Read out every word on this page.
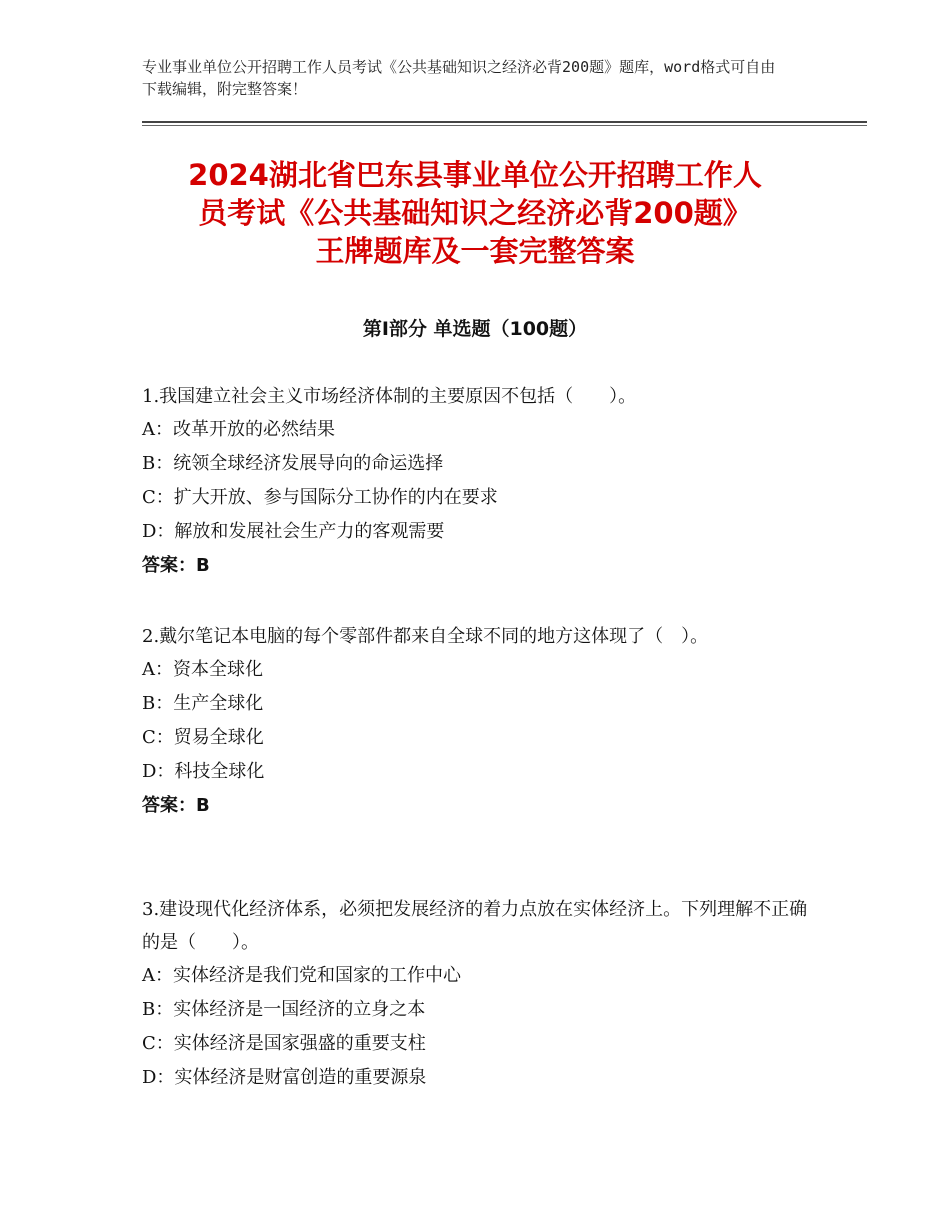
专业事业单位公开招聘工作人员考试《公共基础知识之经济必背200题》题库，word格式可自由下载编辑，附完整答案！
2024湖北省巴东县事业单位公开招聘工作人
员考试《公共基础知识之经济必背200题》
王牌题库及一套完整答案
第Ⅰ部分 单选题（100题）
1.我国建立社会主义市场经济体制的主要原因不包括（　　）。
A：改革开放的必然结果
B：统领全球经济发展导向的命运选择
C：扩大开放、参与国际分工协作的内在要求
D：解放和发展社会生产力的客观需要
答案：B
2.戴尔笔记本电脑的每个零部件都来自全球不同的地方这体现了（　）。
A：资本全球化
B：生产全球化
C：贸易全球化
D：科技全球化
答案：B
3.建设现代化经济体系，必须把发展经济的着力点放在实体经济上。下列理解不正确的是（　　）。
A：实体经济是我们党和国家的工作中心
B：实体经济是一国经济的立身之本
C：实体经济是国家强盛的重要支柱
D：实体经济是财富创造的重要源泉
